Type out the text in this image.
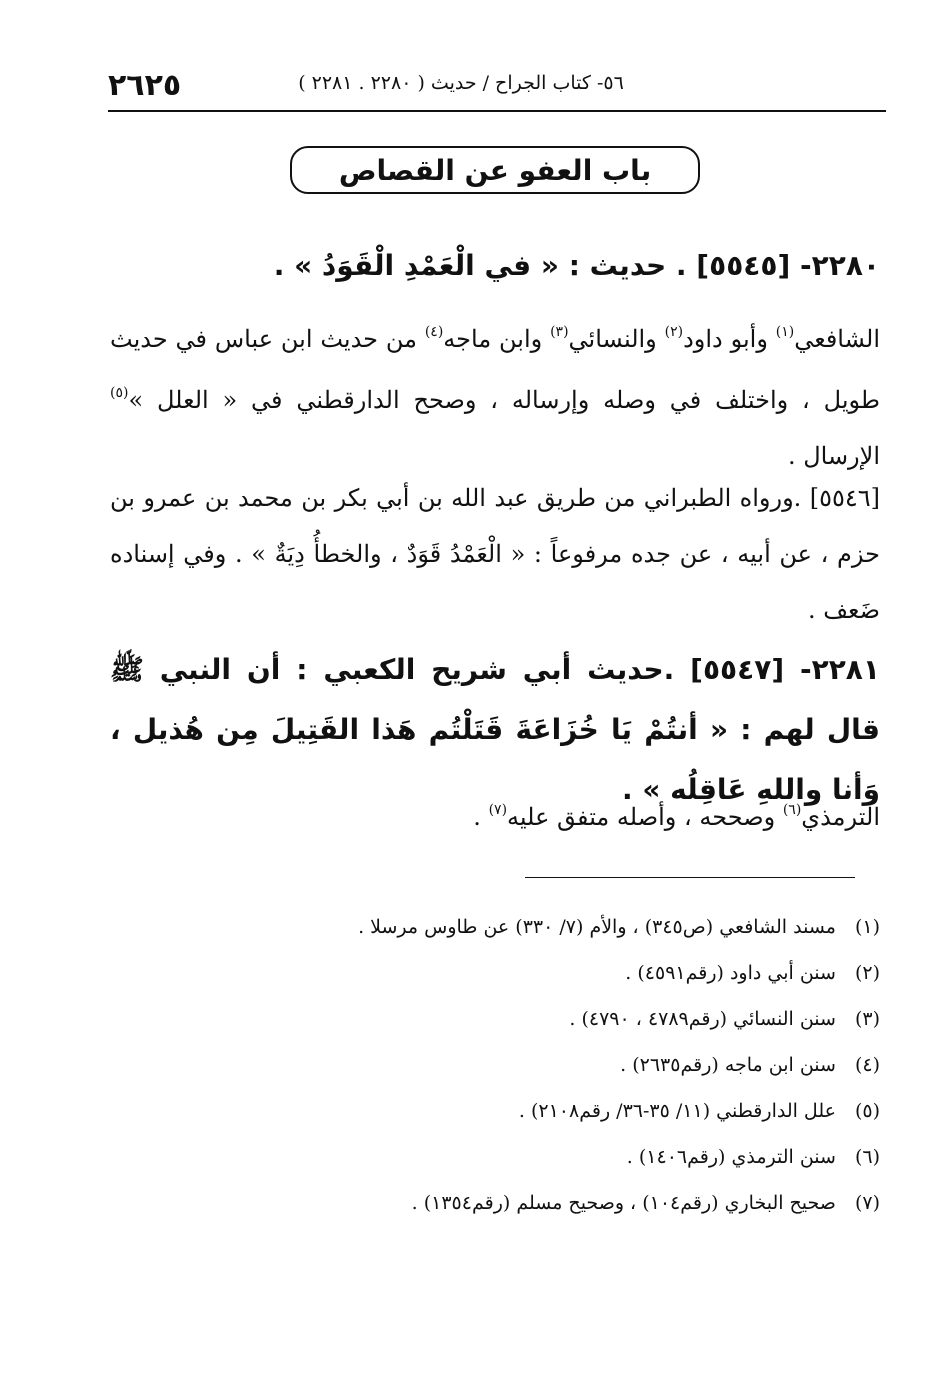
٢٦٢٥	٥٦- كتاب الجراح / حديث ( ٢٢٨٠ . ٢٢٨١ )
باب العفو عن القصاص
٢٢٨٠- [٥٥٤٥] . حديث : « في الْعَمْدِ الْقَوَدُ » .
الشافعي$^{(١)}$ وأبو داود$^{(٢)}$ والنسائي$^{(٣)}$ وابن ماجه$^{(٤)}$ من حديث ابن عباس في حديث طويل ، واختلف في وصله وإرساله ، وصحح الدارقطني في « العلل »$^{(٥)}$ الإرسال .
[٥٥٤٦] .ورواه الطبراني من طريق عبد الله بن أبي بكر بن محمد بن عمرو بن حزم ، عن أبيه ، عن جده مرفوعاً : « الْعَمْدُ قَوَدٌ ، والخطأُ دِيَةٌ » . وفي إسناده ضَعف .
٢٢٨١- [٥٥٤٧] .حديث أبي شريح الكعبي : أن النبي ﷺ قال لهم : « أنتُمْ يَا خُزَاعَةَ قَتَلْتُم هَذا القَتِيلَ مِن هُذيل ، وَأنا واللهِ عَاقِلُه » .
الترمذي$^{(٦)}$ وصححه ، وأصله متفق عليه$^{(٧)}$ .
(١) مسند الشافعي (ص٣٤٥) ، والأم (٧/ ٣٣٠) عن طاوس مرسلا .
(٢) سنن أبي داود (رقم٤٥٩١) .
(٣) سنن النسائي (رقم٤٧٨٩ ، ٤٧٩٠) .
(٤) سنن ابن ماجه (رقم٢٦٣٥) .
(٥) علل الدارقطني (١١/ ٣٥-٣٦/ رقم٢١٠٨) .
(٦) سنن الترمذي (رقم١٤٠٦) .
(٧) صحيح البخاري (رقم١٠٤) ، وصحيح مسلم (رقم١٣٥٤) .
